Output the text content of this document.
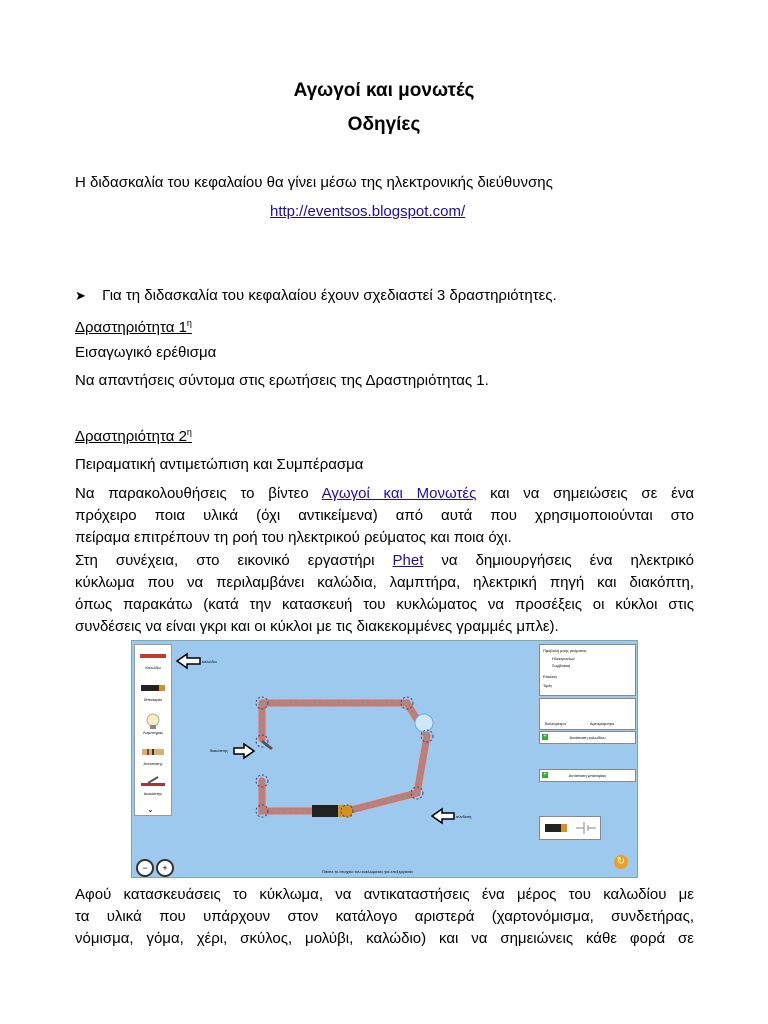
Αγωγοί και μονωτές
Οδηγίες
Η διδασκαλία του κεφαλαίου θα γίνει μέσω της ηλεκτρονικής διεύθυνσης
http://eventsos.blogspot.com/
➤ Για τη διδασκαλία του κεφαλαίου έχουν σχεδιαστεί 3 δραστηριότητες.
Δραστηριότητα $1^\eta$
Εισαγωγικό ερέθισμα
Να απαντήσεις σύντομα στις ερωτήσεις της Δραστηριότητας 1.
Δραστηριότητα $2^\eta$
Πειραματική αντιμετώπιση και Συμπέρασμα
Να παρακολουθήσεις το βίντεο Αγωγοί και Μονωτές και να σημειώσεις σε ένα
πρόχειρο ποια υλικά (όχι αντικείμενα) από αυτά που χρησιμοποιούνται στο
πείραμα επιτρέπουν τη ροή του ηλεκτρικού ρεύματος και ποια όχι.
Στη συνέχεια, στο εικονικό εργαστήρι Phet να δημιουργήσεις ένα ηλεκτρικό
κύκλωμα που να περιλαμβάνει καλώδια, λαμπτήρα, ηλεκτρική πηγή και διακόπτη,
όπως παρακάτω (κατά την κατασκευή του κυκλώματος να προσέξεις οι κύκλοι στις
συνδέσεις να είναι γκρι και οι κύκλοι με τις διακεκομμένες γραμμές μπλε).
Καλώδιο
Μπαταρία
Λαμπτήρας
Αντιστάτης
Διακόπτης
⌄
καλώδιο
διακόπτης
σύνδεση
Προβολή ροής ρεύματος
Ηλεκτρονίων
Συμβατική
Ετικέτες
Τιμές
Βολτόμετρο	Αμπερόμετρο
+	Αντίσταση καλωδίου
+	Αντίσταση μπαταρίας
−	+	Πιέστε το στοιχείο του κυκλώματος για επεξεργασία
↻
Αφού κατασκευάσεις το κύκλωμα, να αντικαταστήσεις ένα μέρος του καλωδίου με
τα υλικά που υπάρχουν στον κατάλογο αριστερά (χαρτονόμισμα, συνδετήρας,
νόμισμα, γόμα, χέρι, σκύλος, μολύβι, καλώδιο) και να σημειώνεις κάθε φορά σε
